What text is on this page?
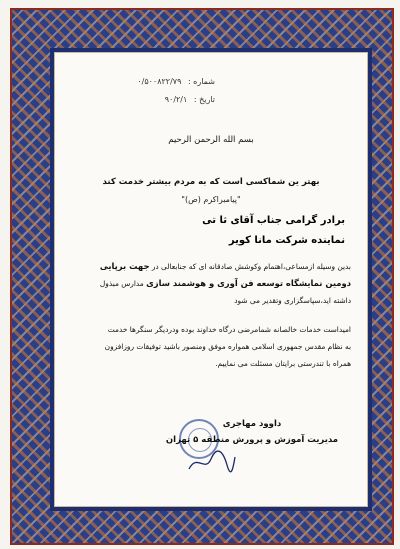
شماره : ۰/۵۰۰۸۲۲/۷۹
تاریخ : ۹۰/۲/۱
بسم الله الرحمن الرحیم
بهتر ین شماکسی است که به مردم بیشتر خدمت کند
"پیامبراکرم (ص)"
برادر گرامی جناب آقای ثا تی
نماینده شرکت مانا کویر

بدین وسیله ازمساعی،اهتمام وکوشش صادقانه ای که جنابعالی در جهت برپایی

دومین نمایشگاه توسعه فن آوری و هوشمند سازی مدارس مبذول

داشته اید،سپاسگزاری وتقدیر می شود

امیداست خدمات خالصانه شمامرضی درگاه خداوند بوده ودردیگر سنگرها خدمت

به نظام مقدس جمهوری اسلامی همواره موفق ومنصور باشید توفیقات روزافزون

همراه با تندرستی برایتان مسئلت می نماییم.

داوود مهاجری
مدیریت آموزش و پرورش منطقه ۵ تهران
